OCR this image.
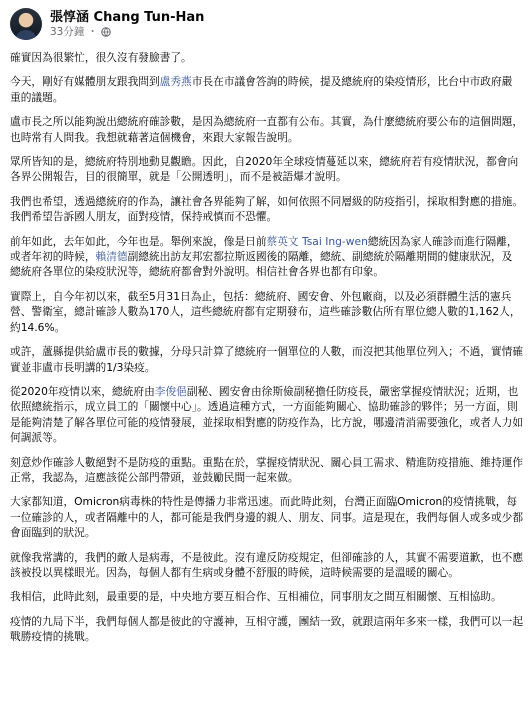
張惇涵 Chang Tun-Han
33分鐘 ・

確實因為很繁忙，很久沒有發臉書了。

今天，剛好有媒體朋友跟我問到盧秀燕市長在市議會答詢的時候，提及總統府的染疫情形，比台中市政府嚴重的議題。

盧市長之所以能夠說出總統府確診數，是因為總統府一直都有公布。其實，為什麼總統府要公布的這個問題，也時常有人問我。我想就藉著這個機會，來跟大家報告說明。

眾所皆知的是，總統府特別地動見觀瞻。因此，自2020年全球疫情蔓延以來，總統府若有疫情狀況，都會向各界公開報告，目的很簡單，就是「公開透明」，而不是被語爆才說明。

我們也希望，透過總統府的作為，讓社會各界能夠了解，如何依照不同層級的防疫指引，採取相對應的措施。我們希望告訴國人朋友，面對疫情，保持戒慎而不恐懼。

前年如此，去年如此，今年也是。舉例來說，像是日前蔡英文 Tsai Ing-wen總統因為家人確診而進行隔離，或者年初的時候，賴清德副總統出訪友邦宏都拉斯返國後的隔離，總統、副總統於隔離期間的健康狀況，及總統府各單位的染疫狀況等，總統府都會對外說明。相信社會各界也都有印象。

實際上，自今年初以來，截至5月31日為止，包括：總統府、國安會、外包廠商，以及必須群體生活的憲兵營、警衛室，總計確診人數為170人，這些總統府都有定期發布，這些確診數佔所有單位總人數的1,162人，約14.6%。

或許，蘆縣提供給盧市長的數據，分母只計算了總統府一個單位的人數，而沒把其他單位列入；不過，實情確實並非盧市長明講的1/3染疫。

從2020年疫情以來，總統府由李俊俋副秘、國安會由徐斯儉副秘擔任防疫長，嚴密掌握疫情狀況；近期，也依照總統指示，成立員工的「關懷中心」。透過這種方式，一方面能夠關心、協助確診的夥伴；另一方面，則是能夠清楚了解各單位可能的疫情發展，並採取相對應的防疫作為，比方說，哪邊清消需要強化，或者人力如何調派等。

刻意炒作確診人數絕對不是防疫的重點。重點在於，掌握疫情狀況、關心員工需求、精進防疫措施、維持運作正常，我認為，這應該從公部門帶頭，並鼓勵民間一起來做。

大家都知道，Omicron病毒株的特性是傳播力非常迅速。而此時此刻，台灣正面臨Omicron的疫情挑戰，每一位確診的人，或者隔離中的人，都可能是我們身邊的親人、朋友、同事。這是現在，我們每個人或多或少都會面臨到的狀況。

就像我常講的，我們的敵人是病毒，不是彼此。沒有違反防疫規定，但卻確診的人，其實不需要道歉，也不應該被投以異樣眼光。因為，每個人都有生病或身體不舒服的時候，這時候需要的是溫暖的關心。

我相信，此時此刻，最重要的是，中央地方要互相合作、互相補位，同事朋友之間互相關懷、互相協助。

疫情的九局下半，我們每個人都是彼此的守護神，互相守護，團結一致，就跟這兩年多來一樣，我們可以一起戰勝疫情的挑戰。
